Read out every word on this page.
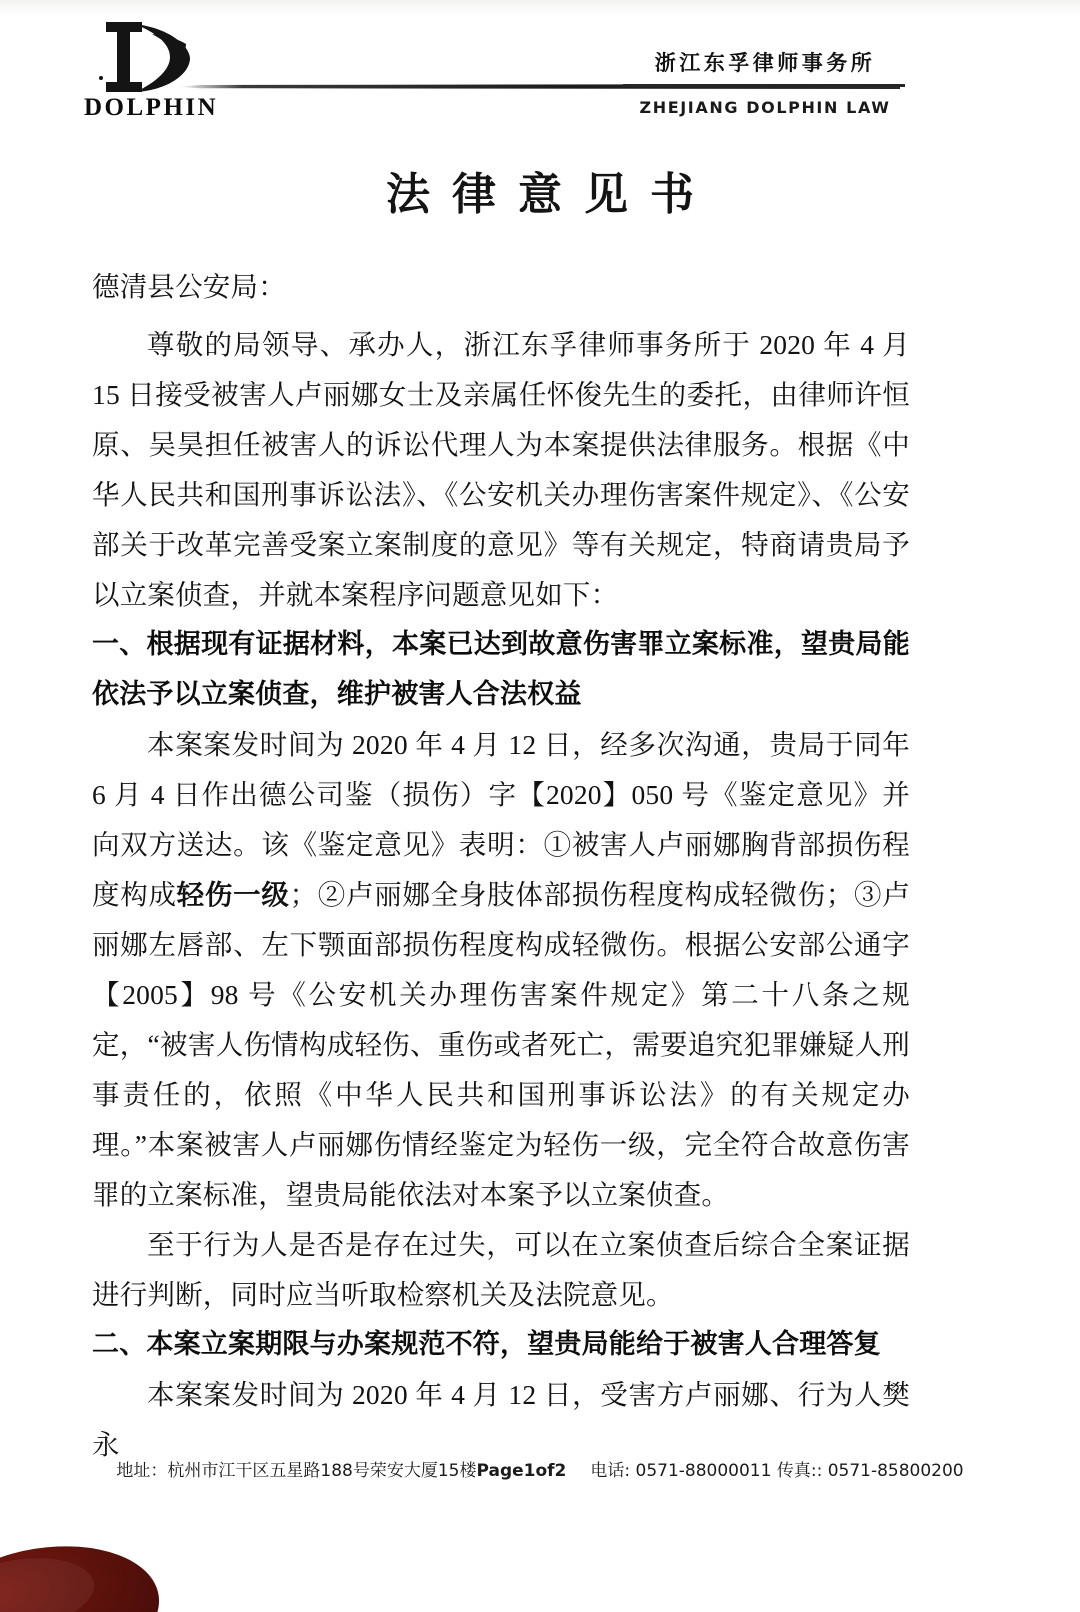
DOLPHIN
浙江东孚律师事务所
ZHEJIANG DOLPHIN LAW
法律意见书

德清县公安局：

尊敬的局领导、承办人，浙江东孚律师事务所于 2020 年 4 月 15 日接受被害人卢丽娜女士及亲属任怀俊先生的委托，由律师许恒原、吴昊担任被害人的诉讼代理人为本案提供法律服务。根据《中华人民共和国刑事诉讼法》、《公安机关办理伤害案件规定》、《公安部关于改革完善受案立案制度的意见》等有关规定，特商请贵局予以立案侦查，并就本案程序问题意见如下：

一、根据现有证据材料，本案已达到故意伤害罪立案标准，望贵局能依法予以立案侦查，维护被害人合法权益

本案案发时间为 2020 年 4 月 12 日，经多次沟通，贵局于同年 6 月 4 日作出德公司鉴（损伤）字【2020】050 号《鉴定意见》并向双方送达。该《鉴定意见》表明：①被害人卢丽娜胸背部损伤程度构成轻伤一级；②卢丽娜全身肢体部损伤程度构成轻微伤；③卢丽娜左唇部、左下颚面部损伤程度构成轻微伤。根据公安部公通字【2005】98 号《公安机关办理伤害案件规定》第二十八条之规定，“被害人伤情构成轻伤、重伤或者死亡，需要追究犯罪嫌疑人刑事责任的，依照《中华人民共和国刑事诉讼法》的有关规定办理。”本案被害人卢丽娜伤情经鉴定为轻伤一级，完全符合故意伤害罪的立案标准，望贵局能依法对本案予以立案侦查。

至于行为人是否是存在过失，可以在立案侦查后综合全案证据进行判断，同时应当听取检察机关及法院意见。

二、本案立案期限与办案规范不符，望贵局能给于被害人合理答复

本案案发时间为 2020 年 4 月 12 日，受害方卢丽娜、行为人樊永

地址：杭州市江干区五星路188号荣安大厦15楼 Page1of2 电话: 0571-88000011 传真:: 0571-85800200
